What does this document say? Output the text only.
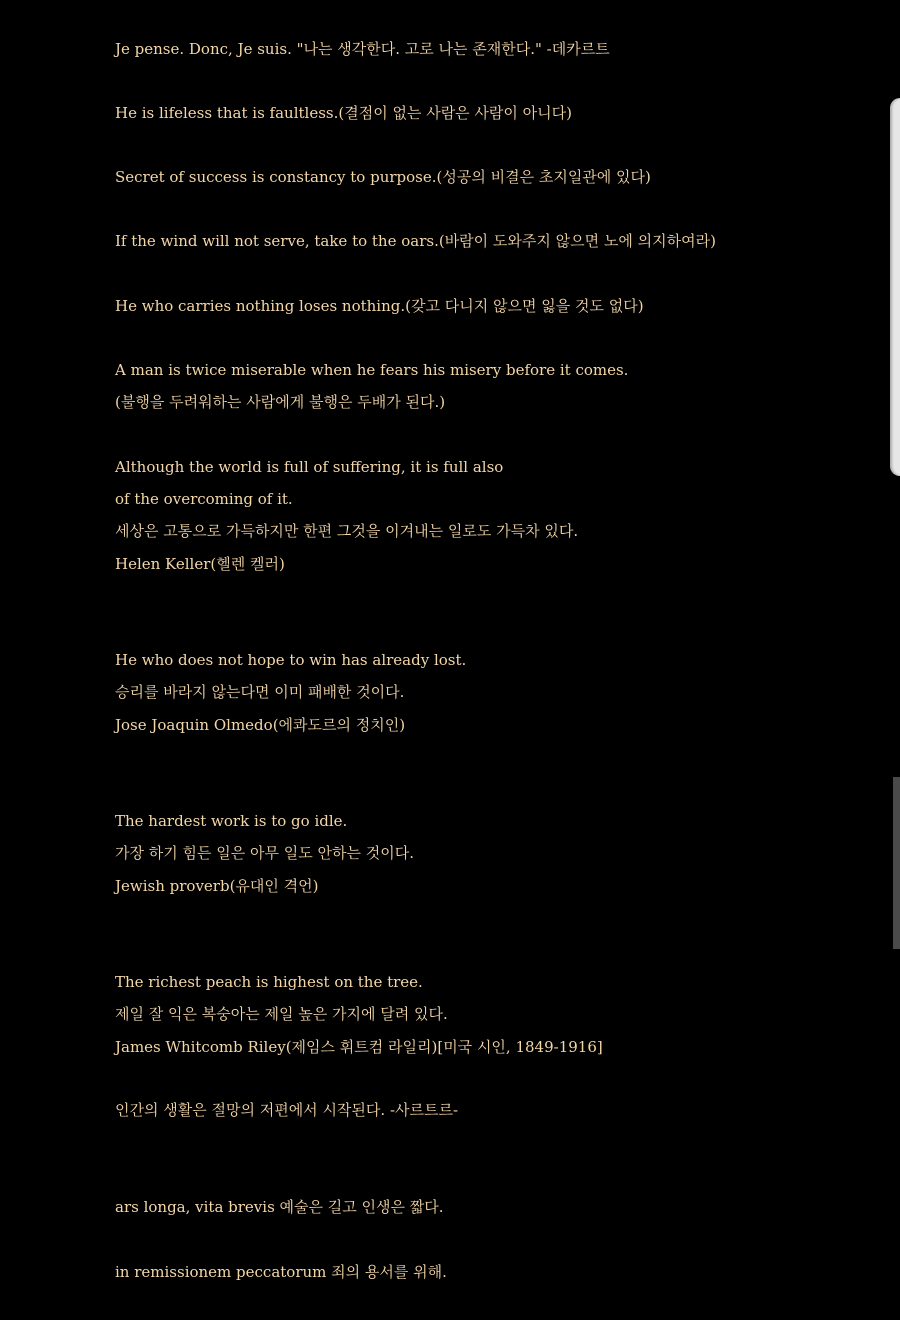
Je pense. Donc, Je suis. "나는 생각한다. 고로 나는 존재한다." -데카르트
He is lifeless that is faultless.(결점이 없는 사람은 사람이 아니다)
Secret of success is constancy to purpose.(성공의 비결은 초지일관에 있다)
If the wind will not serve, take to the oars.(바람이 도와주지 않으면 노에 의지하여라)
He who carries nothing loses nothing.(갖고 다니지 않으면 잃을 것도 없다)
A man is twice miserable when he fears his misery before it comes.
(불행을 두려워하는 사람에게 불행은 두배가 된다.)
Although the world is full of suffering, it is full also
of the overcoming of it.
세상은 고통으로 가득하지만 한편 그것을 이겨내는 일로도 가득차 있다.
Helen Keller(헬렌 켈러)
He who does not hope to win has already lost.
승리를 바라지 않는다면 이미 패배한 것이다.
Jose Joaquin Olmedo(에콰도르의 정치인)
The hardest work is to go idle.
가장 하기 힘든 일은 아무 일도 안하는 것이다.
Jewish proverb(유대인 격언)
The richest peach is highest on the tree.
제일 잘 익은 복숭아는 제일 높은 가지에 달려 있다.
James Whitcomb Riley(제임스 휘트컴 라일리)[미국 시인, 1849-1916]
인간의 생활은 절망의 저편에서 시작된다. -사르트르-
ars longa, vita brevis 예술은 길고 인생은 짧다.
in remissionem peccatorum 죄의 용서를 위해.
